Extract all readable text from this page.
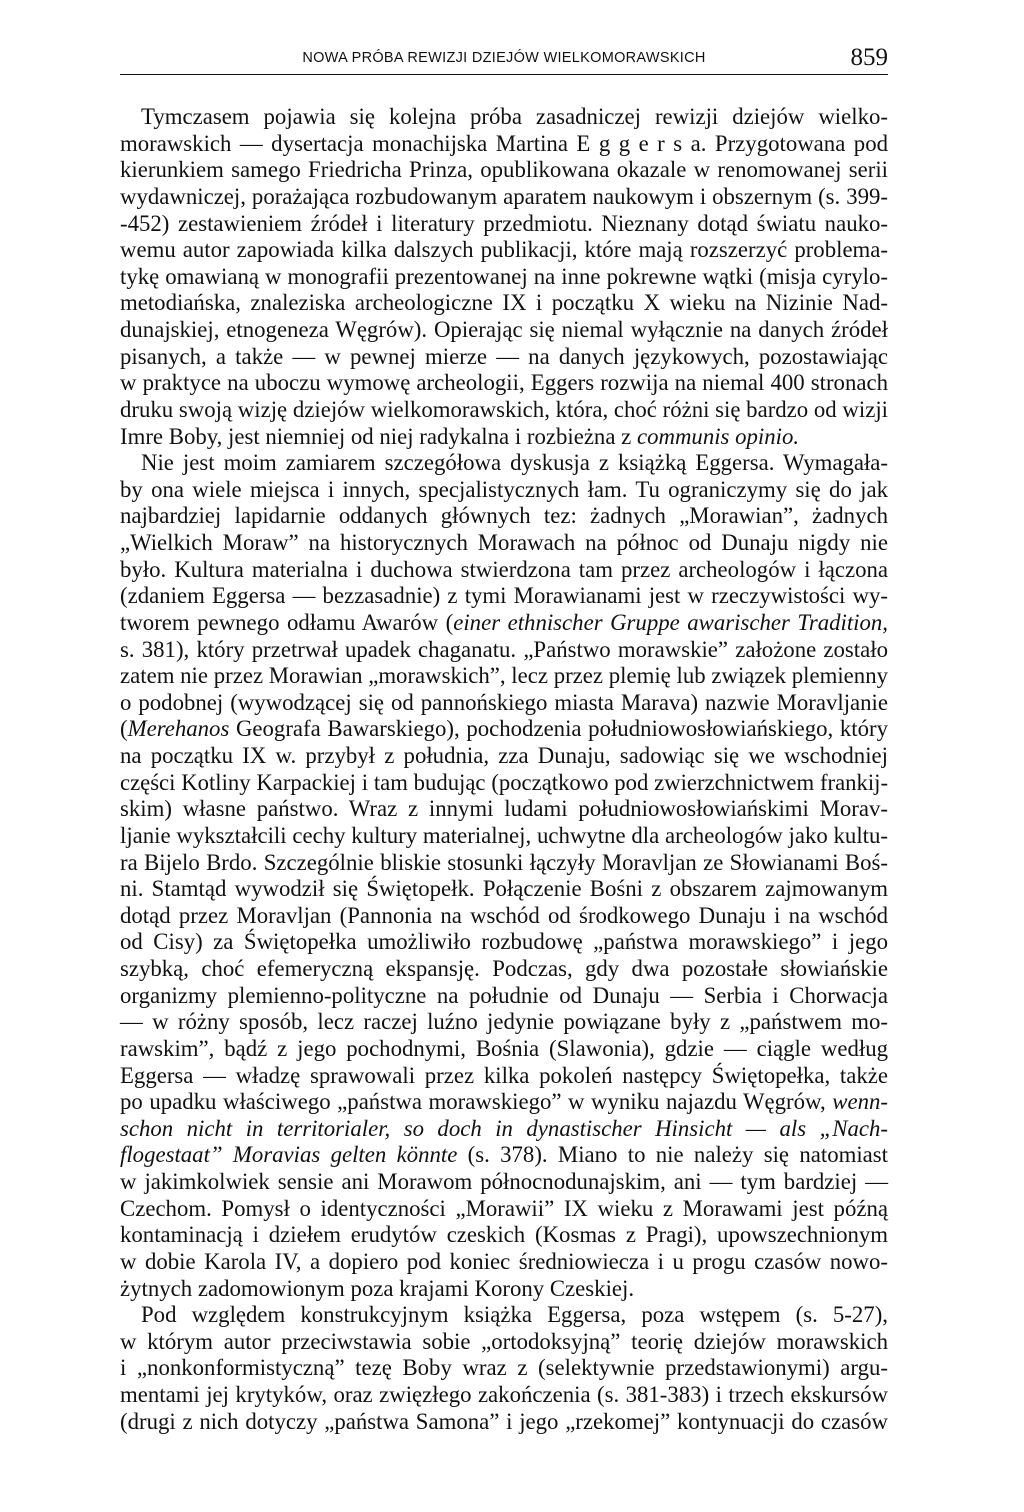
NOWA PRÓBA REWIZJI DZIEJÓW WIELKOMORAWSKICH	859

Tymczasem pojawia się kolejna próba zasadniczej rewizji dziejów wielko-
morawskich — dysertacja monachijska Martina E g g e r s a. Przygotowana pod
kierunkiem samego Friedricha Prinza, opublikowana okazale w renomowanej serii
wydawniczej, porażająca rozbudowanym aparatem naukowym i obszernym (s. 399-
-452) zestawieniem źródeł i literatury przedmiotu. Nieznany dotąd światu nauko-
wemu autor zapowiada kilka dalszych publikacji, które mają rozszerzyć problema-
tykę omawianą w monografii prezentowanej na inne pokrewne wątki (misja cyrylo-
metodiańska, znaleziska archeologiczne IX i początku X wieku na Nizinie Nad-
dunajskiej, etnogeneza Węgrów). Opierając się niemal wyłącznie na danych źródeł
pisanych, a także — w pewnej mierze — na danych językowych, pozostawiając
w praktyce na uboczu wymowę archeologii, Eggers rozwija na niemal 400 stronach
druku swoją wizję dziejów wielkomorawskich, która, choć różni się bardzo od wizji
Imre Boby, jest niemniej od niej radykalna i rozbieżna z communis opinio.

Nie jest moim zamiarem szczegółowa dyskusja z książką Eggersa. Wymagała-
by ona wiele miejsca i innych, specjalistycznych łam. Tu ograniczymy się do jak
najbardziej lapidarnie oddanych głównych tez: żadnych „Morawian”, żadnych
„Wielkich Moraw” na historycznych Morawach na północ od Dunaju nigdy nie
było. Kultura materialna i duchowa stwierdzona tam przez archeologów i łączona
(zdaniem Eggersa — bezzasadnie) z tymi Morawianami jest w rzeczywistości wy-
tworem pewnego odłamu Awarów (einer ethnischer Gruppe awarischer Tradition,
s. 381), który przetrwał upadek chaganatu. „Państwo morawskie” założone zostało
zatem nie przez Morawian „morawskich”, lecz przez plemię lub związek plemienny
o podobnej (wywodzącej się od pannońskiego miasta Marava) nazwie Moravljanie
(Merehanos Geografa Bawarskiego), pochodzenia południowosłowiańskiego, który
na początku IX w. przybył z południa, zza Dunaju, sadowiąc się we wschodniej
części Kotliny Karpackiej i tam budując (początkowo pod zwierzchnictwem frankij-
skim) własne państwo. Wraz z innymi ludami południowosłowiańskimi Morav-
ljanie wykształcili cechy kultury materialnej, uchwytne dla archeologów jako kultu-
ra Bijelo Brdo. Szczególnie bliskie stosunki łączyły Moravljan ze Słowianami Boś-
ni. Stamtąd wywodził się Świętopełk. Połączenie Bośni z obszarem zajmowanym
dotąd przez Moravljan (Pannonia na wschód od środkowego Dunaju i na wschód
od Cisy) za Świętopełka umożliwiło rozbudowę „państwa morawskiego” i jego
szybką, choć efemeryczną ekspansję. Podczas, gdy dwa pozostałe słowiańskie
organizmy plemienno-polityczne na południe od Dunaju — Serbia i Chorwacja
— w różny sposób, lecz raczej luźno jedynie powiązane były z „państwem mo-
rawskim”, bądź z jego pochodnymi, Bośnia (Slawonia), gdzie — ciągle według
Eggersa — władzę sprawowali przez kilka pokoleń następcy Świętopełka, także
po upadku właściwego „państwa morawskiego” w wyniku najazdu Węgrów, wenn-
schon nicht in territorialer, so doch in dynastischer Hinsicht — als „Nach-
flogestaat” Moravias gelten könnte (s. 378). Miano to nie należy się natomiast
w jakimkolwiek sensie ani Morawom północnodunajskim, ani — tym bardziej —
Czechom. Pomysł o identyczności „Morawii” IX wieku z Morawami jest późną
kontaminacją i dziełem erudytów czeskich (Kosmas z Pragi), upowszechnionym
w dobie Karola IV, a dopiero pod koniec średniowiecza i u progu czasów nowo-
żytnych zadomowionym poza krajami Korony Czeskiej.

Pod względem konstrukcyjnym książka Eggersa, poza wstępem (s. 5-27),
w którym autor przeciwstawia sobie „ortodoksyjną” teorię dziejów morawskich
i „nonkonformistyczną” tezę Boby wraz z (selektywnie przedstawionymi) argu-
mentami jej krytyków, oraz zwięzłego zakończenia (s. 381-383) i trzech ekskursów
(drugi z nich dotyczy „państwa Samona” i jego „rzekomej” kontynuacji do czasów
